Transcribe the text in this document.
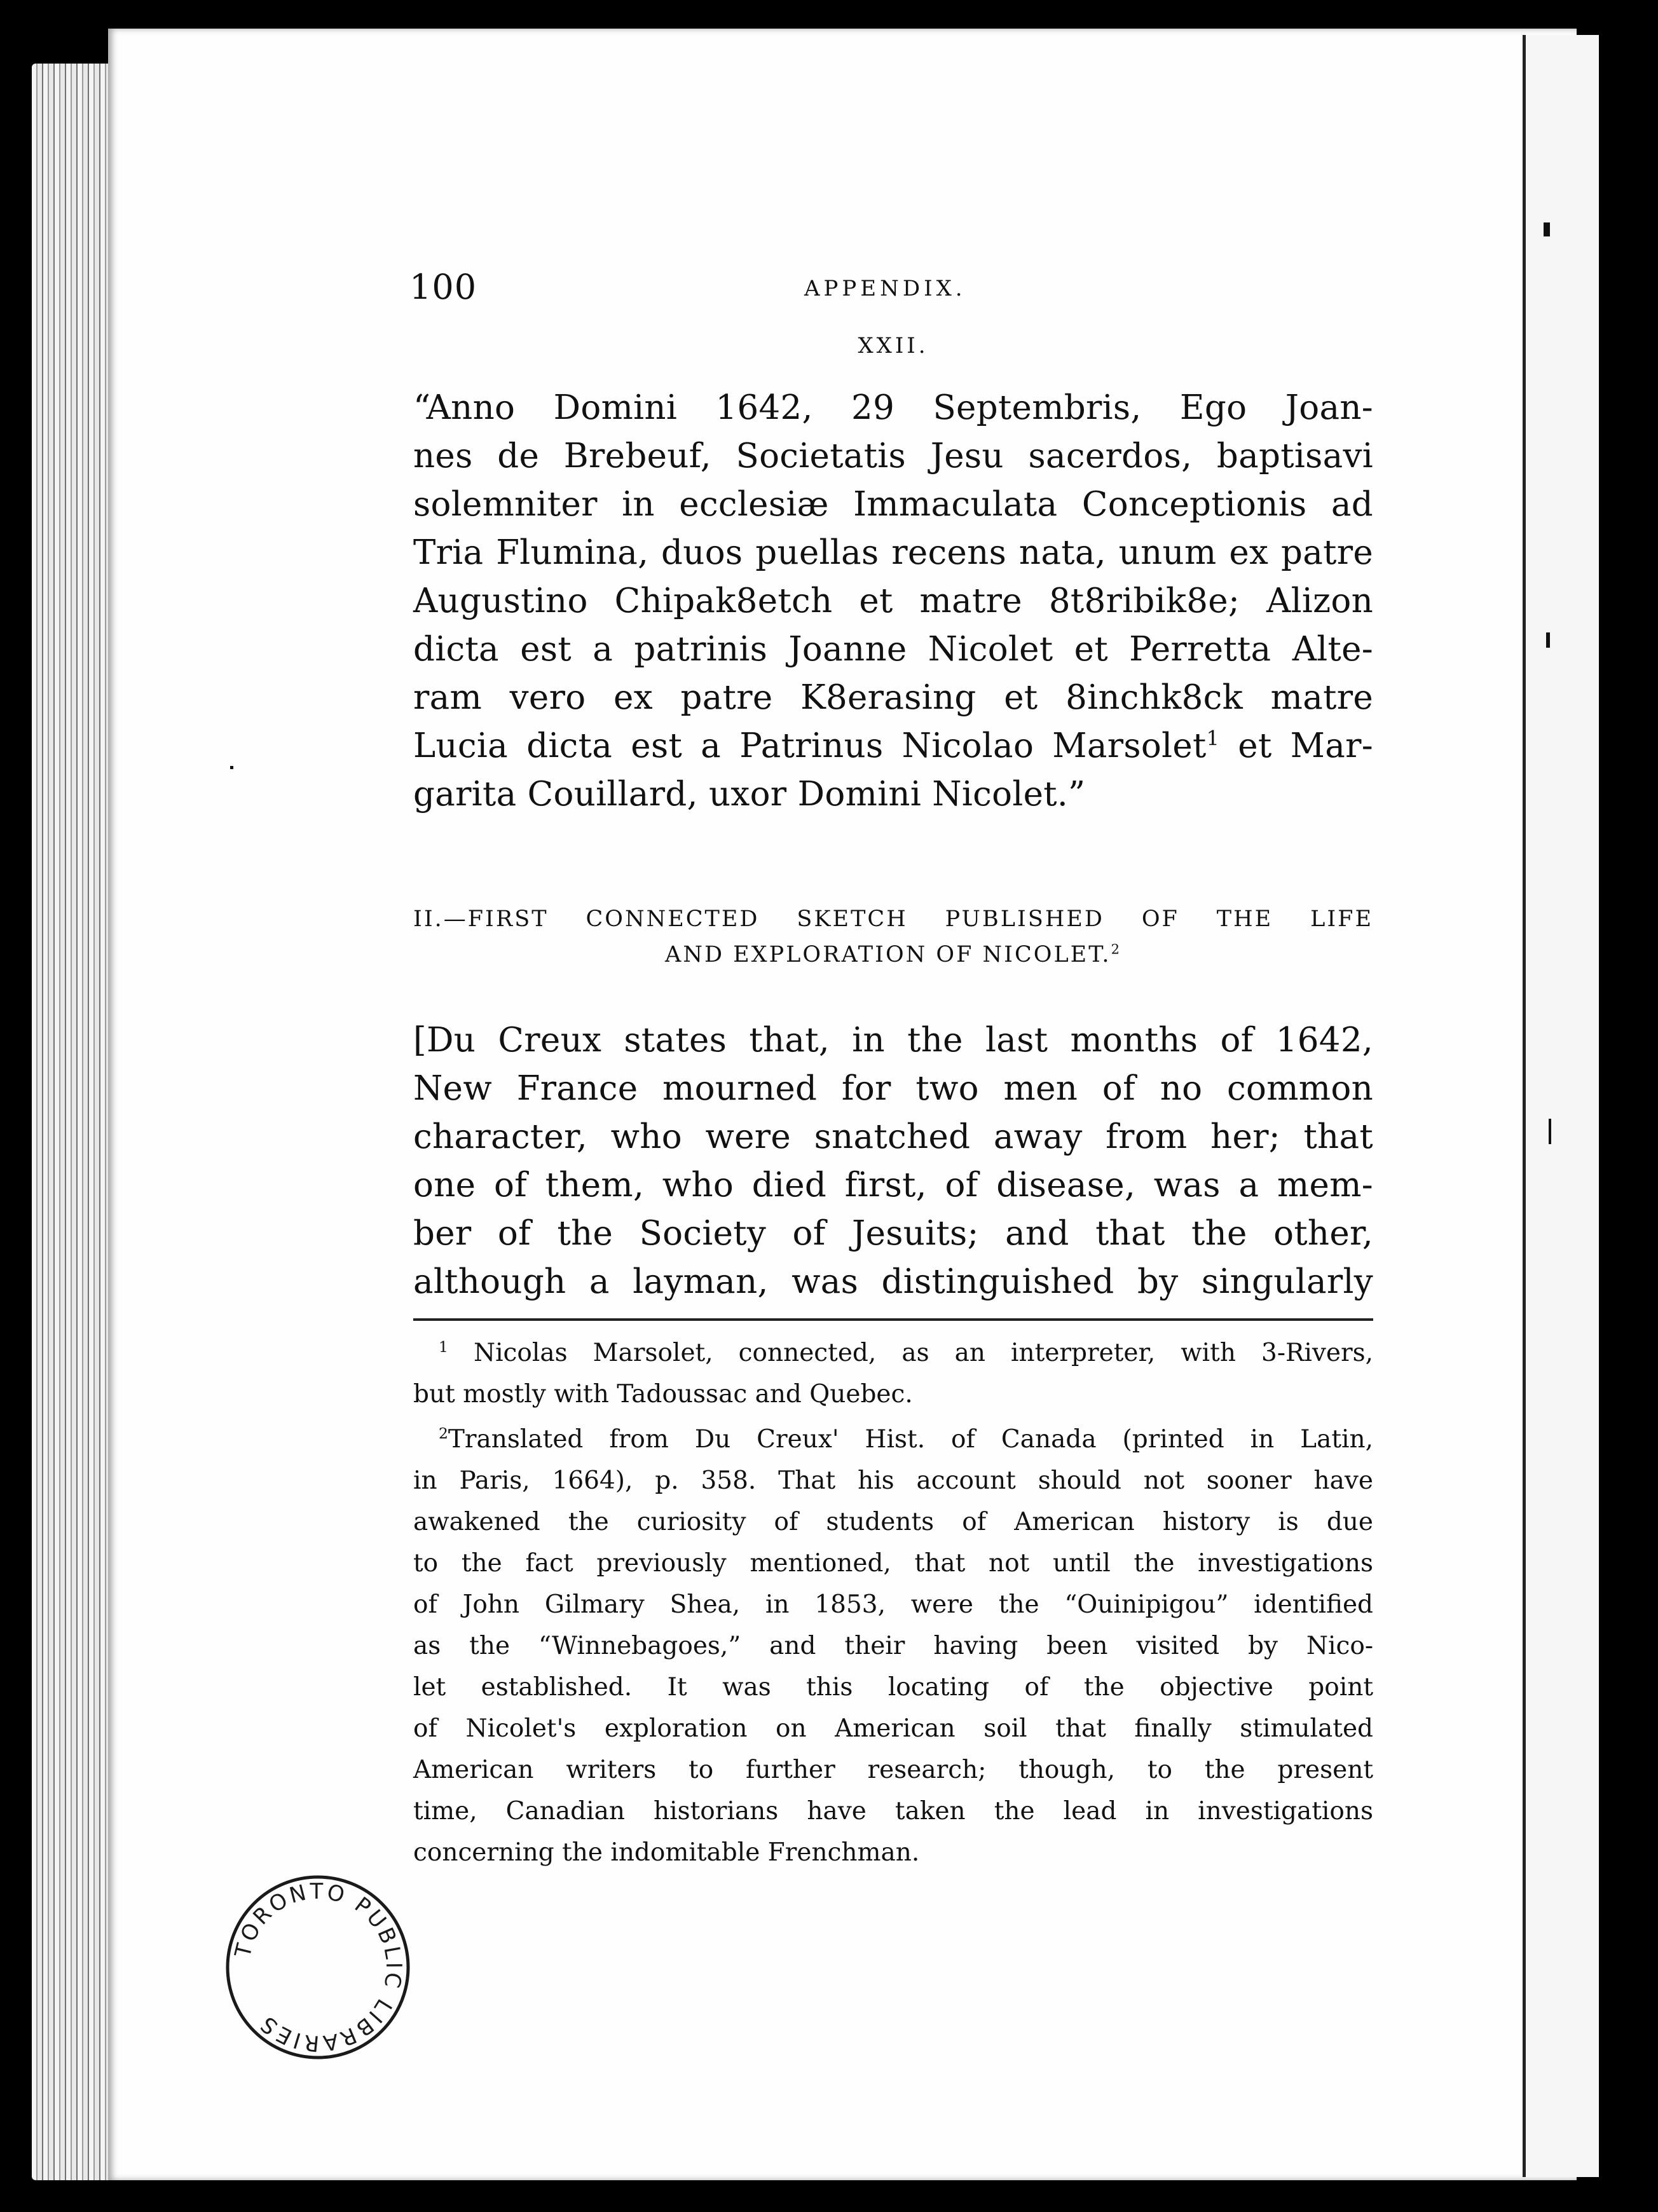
100	APPENDIX.
XXII.
“Anno Domini 1642, 29 Septembris, Ego Joan-
nes de Brebeuf, Societatis Jesu sacerdos, baptisavi
solemniter in ecclesiæ Immaculata Conceptionis ad
Tria Flumina, duos puellas recens nata, unum ex patre
Augustino Chipak8etch et matre 8t8ribik8e; Alizon
dicta est a patrinis Joanne Nicolet et Perretta Alte-
ram vero ex patre K8erasing et 8inchk8ck matre
Lucia dicta est a Patrinus Nicolao Marsolet$^1$ et Mar-
garita Couillard, uxor Domini Nicolet.”
II.—FIRST CONNECTED SKETCH PUBLISHED OF THE LIFE
AND EXPLORATION OF NICOLET.$^2$
[Du Creux states that, in the last months of 1642,
New France mourned for two men of no common
character, who were snatched away from her; that
one of them, who died first, of disease, was a mem-
ber of the Society of Jesuits; and that the other,
although a layman, was distinguished by singularly
$^1$ Nicolas Marsolet, connected, as an interpreter, with 3-Rivers,
but mostly with Tadoussac and Quebec.
$^2$Translated from Du Creux' Hist. of Canada (printed in Latin,
in Paris, 1664), p. 358. That his account should not sooner have
awakened the curiosity of students of American history is due
to the fact previously mentioned, that not until the investigations
of John Gilmary Shea, in 1853, were the “Ouinipigou” identified
as the “Winnebagoes,” and their having been visited by Nico-
let established. It was this locating of the objective point
of Nicolet's exploration on American soil that finally stimulated
American writers to further research; though, to the present
time, Canadian historians have taken the lead in investigations
concerning the indomitable Frenchman.
TORONTO PUBLIC LIBRARIES
